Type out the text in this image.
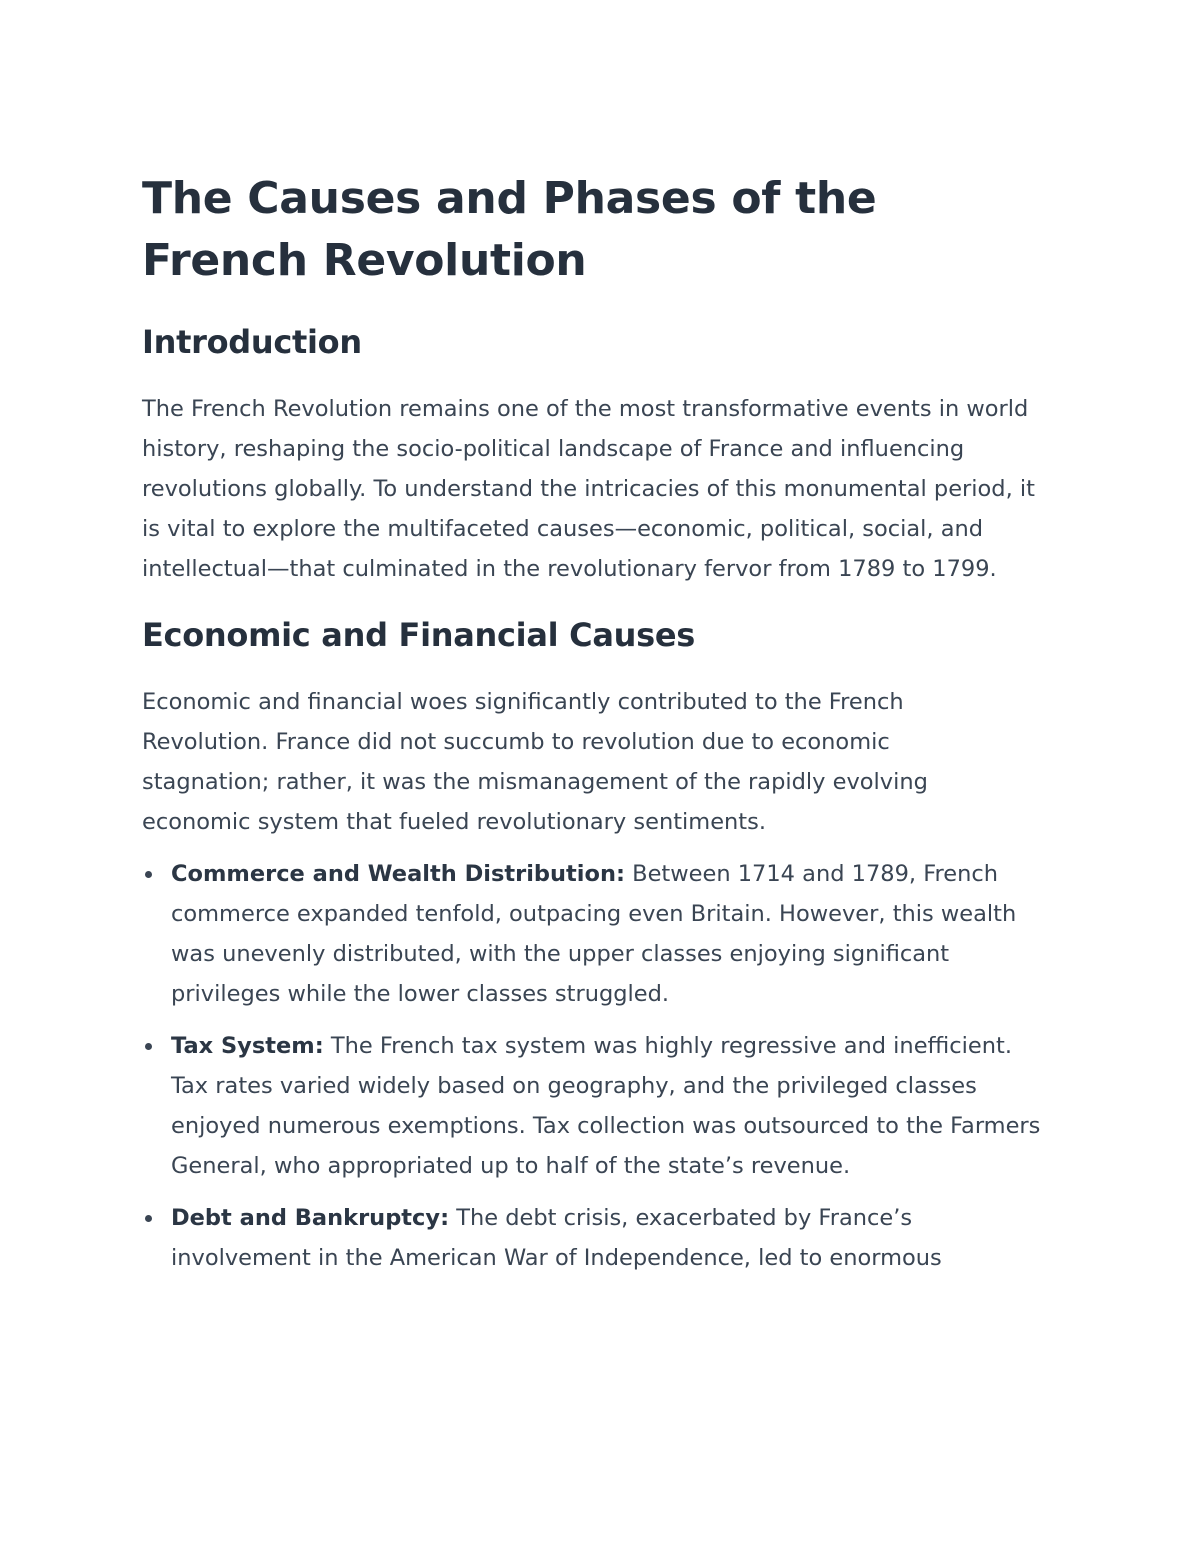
The Causes and Phases of the French Revolution
Introduction

The French Revolution remains one of the most transformative events in world history, reshaping the socio-political landscape of France and influencing revolutions globally. To understand the intricacies of this monumental period, it is vital to explore the multifaceted causes—economic, political, social, and intellectual—that culminated in the revolutionary fervor from 1789 to 1799.

Economic and Financial Causes

Economic and financial woes significantly contributed to the French Revolution. France did not succumb to revolution due to economic stagnation; rather, it was the mismanagement of the rapidly evolving economic system that fueled revolutionary sentiments.

Commerce and Wealth Distribution: Between 1714 and 1789, French commerce expanded tenfold, outpacing even Britain. However, this wealth was unevenly distributed, with the upper classes enjoying significant privileges while the lower classes struggled.
Tax System: The French tax system was highly regressive and inefficient. Tax rates varied widely based on geography, and the privileged classes enjoyed numerous exemptions. Tax collection was outsourced to the Farmers General, who appropriated up to half of the state’s revenue.
Debt and Bankruptcy: The debt crisis, exacerbated by France’s involvement in the American War of Independence, led to enormous
